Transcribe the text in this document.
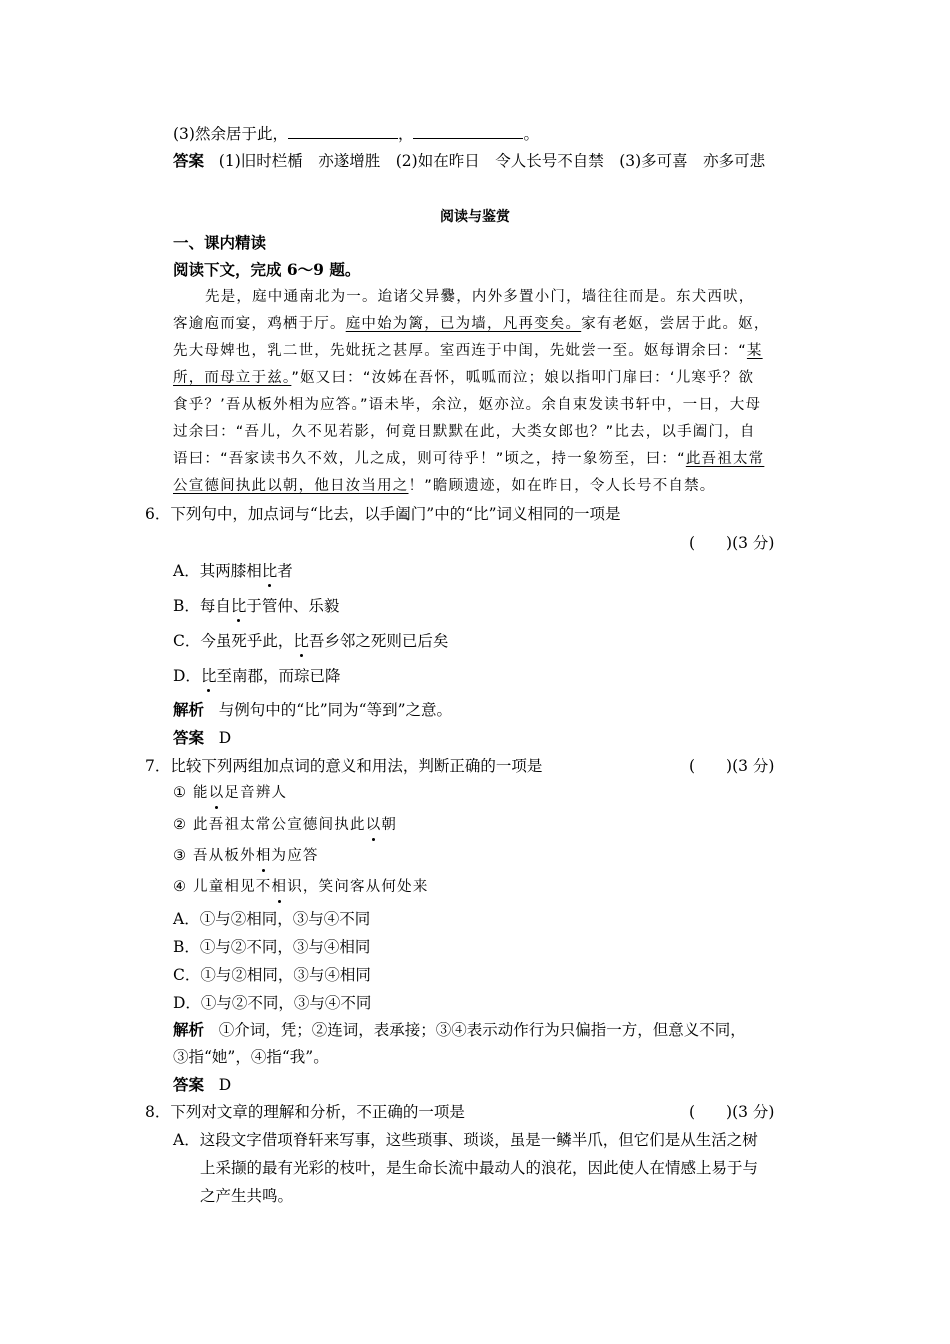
(3)然余居于此，	，	。
答案 (1)旧时栏楯　亦遂增胜　(2)如在昨日　令人长号不自禁　(3)多可喜　亦多可悲
阅读与鉴赏
一、课内精读
阅读下文，完成 6～9 题。
先是，庭中通南北为一。迨诸父异爨，内外多置小门，墙往往而是。东犬西吠，
客逾庖而宴，鸡栖于厅。庭中始为篱，已为墙，凡再变矣。家有老妪，尝居于此。妪，
先大母婢也，乳二世，先妣抚之甚厚。室西连于中闺，先妣尝一至。妪每谓余曰：“某
所，而母立于兹。”妪又曰：“汝姊在吾怀，呱呱而泣；娘以指叩门扉曰：‘儿寒乎？欲
食乎？’吾从板外相为应答。”语未毕，余泣，妪亦泣。余自束发读书轩中，一日，大母
过余曰：“吾儿，久不见若影，何竟日默默在此，大类女郎也？”比去，以手阖门，自
语曰：“吾家读书久不效，儿之成，则可待乎！”顷之，持一象笏至，曰：“此吾祖太常
公宣德间执此以朝，他日汝当用之！”瞻顾遗迹，如在昨日，令人长号不自禁。
6．下列句中，加点词与“比去，以手阖门”中的“比”词义相同的一项是
(　　)(3 分)
A．其两膝相比者
B．每自比于管仲、乐毅
C．今虽死乎此，比吾乡邻之死则已后矣
D．比至南郡，而琮已降
解析 与例句中的“比”同为“等到”之意。
答案 D
7．比较下列两组加点词的意义和用法，判断正确的一项是	(　　)(3 分)
① 能以足音辨人
② 此吾祖太常公宣德间执此以朝
③ 吾从板外相为应答
④ 儿童相见不相识，笑问客从何处来
A．①与②相同，③与④不同
B．①与②不同，③与④相同
C．①与②相同，③与④相同
D．①与②不同，③与④不同
解析 ①介词，凭；②连词，表承接；③④表示动作行为只偏指一方，但意义不同，
③指“她”，④指“我”。
答案 D
8．下列对文章的理解和分析，不正确的一项是	(　　)(3 分)
A．这段文字借项脊轩来写事，这些琐事、琐谈，虽是一鳞半爪，但它们是从生活之树
上采撷的最有光彩的枝叶，是生命长流中最动人的浪花，因此使人在情感上易于与
之产生共鸣。
